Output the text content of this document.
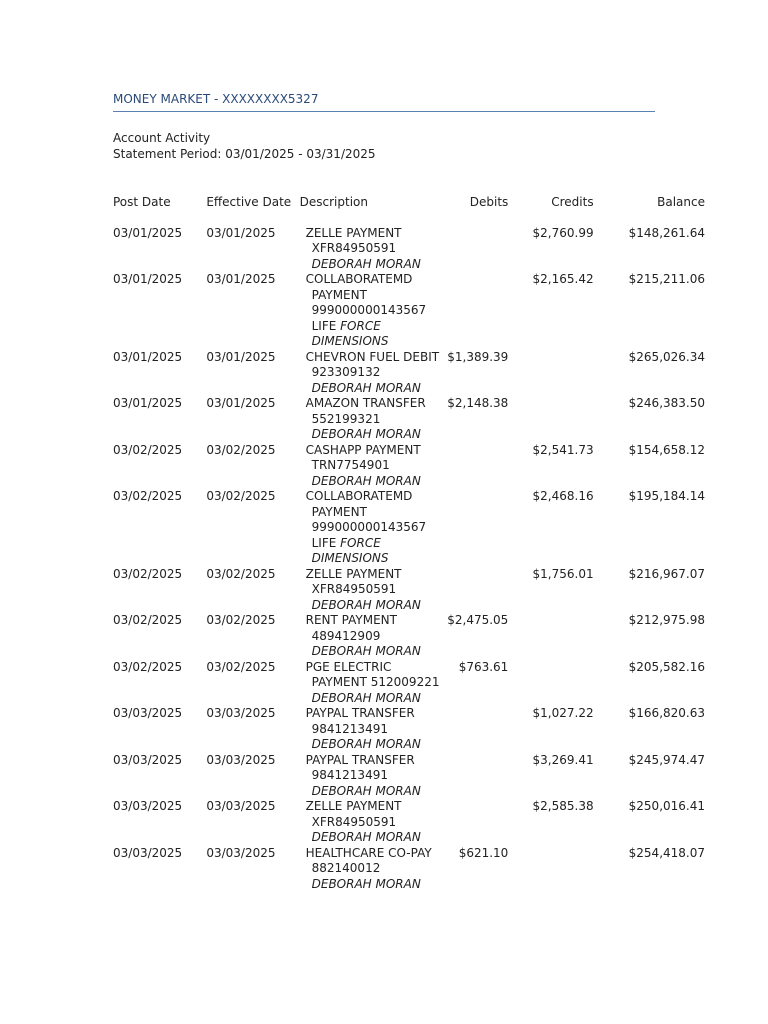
MONEY MARKET - XXXXXXXX5327
Account Activity
Statement Period: 03/01/2025 - 03/31/2025
Post Date	Effective Date	Description	Debits	Credits	Balance
03/01/2025	03/01/2025	ZELLE PAYMENT
XFR84950591
DEBORAH MORAN		$2,760.99	$148,261.64
03/01/2025	03/01/2025	COLLABORATEMD
PAYMENT 999000000143567
LIFE FORCE DIMENSIONS		$2,165.42	$215,211.06
03/01/2025	03/01/2025	CHEVRON FUEL DEBIT
923309132
DEBORAH MORAN	$1,389.39		$265,026.34
03/01/2025	03/01/2025	AMAZON TRANSFER
552199321
DEBORAH MORAN	$2,148.38		$246,383.50
03/02/2025	03/02/2025	CASHAPP PAYMENT
TRN7754901
DEBORAH MORAN		$2,541.73	$154,658.12
03/02/2025	03/02/2025	COLLABORATEMD
PAYMENT 999000000143567
LIFE FORCE DIMENSIONS		$2,468.16	$195,184.14
03/02/2025	03/02/2025	ZELLE PAYMENT
XFR84950591
DEBORAH MORAN		$1,756.01	$216,967.07
03/02/2025	03/02/2025	RENT PAYMENT
489412909
DEBORAH MORAN	$2,475.05		$212,975.98
03/02/2025	03/02/2025	PGE ELECTRIC
PAYMENT 512009221
DEBORAH MORAN	$763.61		$205,582.16
03/03/2025	03/03/2025	PAYPAL TRANSFER
9841213491
DEBORAH MORAN		$1,027.22	$166,820.63
03/03/2025	03/03/2025	PAYPAL TRANSFER
9841213491
DEBORAH MORAN		$3,269.41	$245,974.47
03/03/2025	03/03/2025	ZELLE PAYMENT
XFR84950591
DEBORAH MORAN		$2,585.38	$250,016.41
03/03/2025	03/03/2025	HEALTHCARE CO-PAY
882140012
DEBORAH MORAN	$621.10		$254,418.07
